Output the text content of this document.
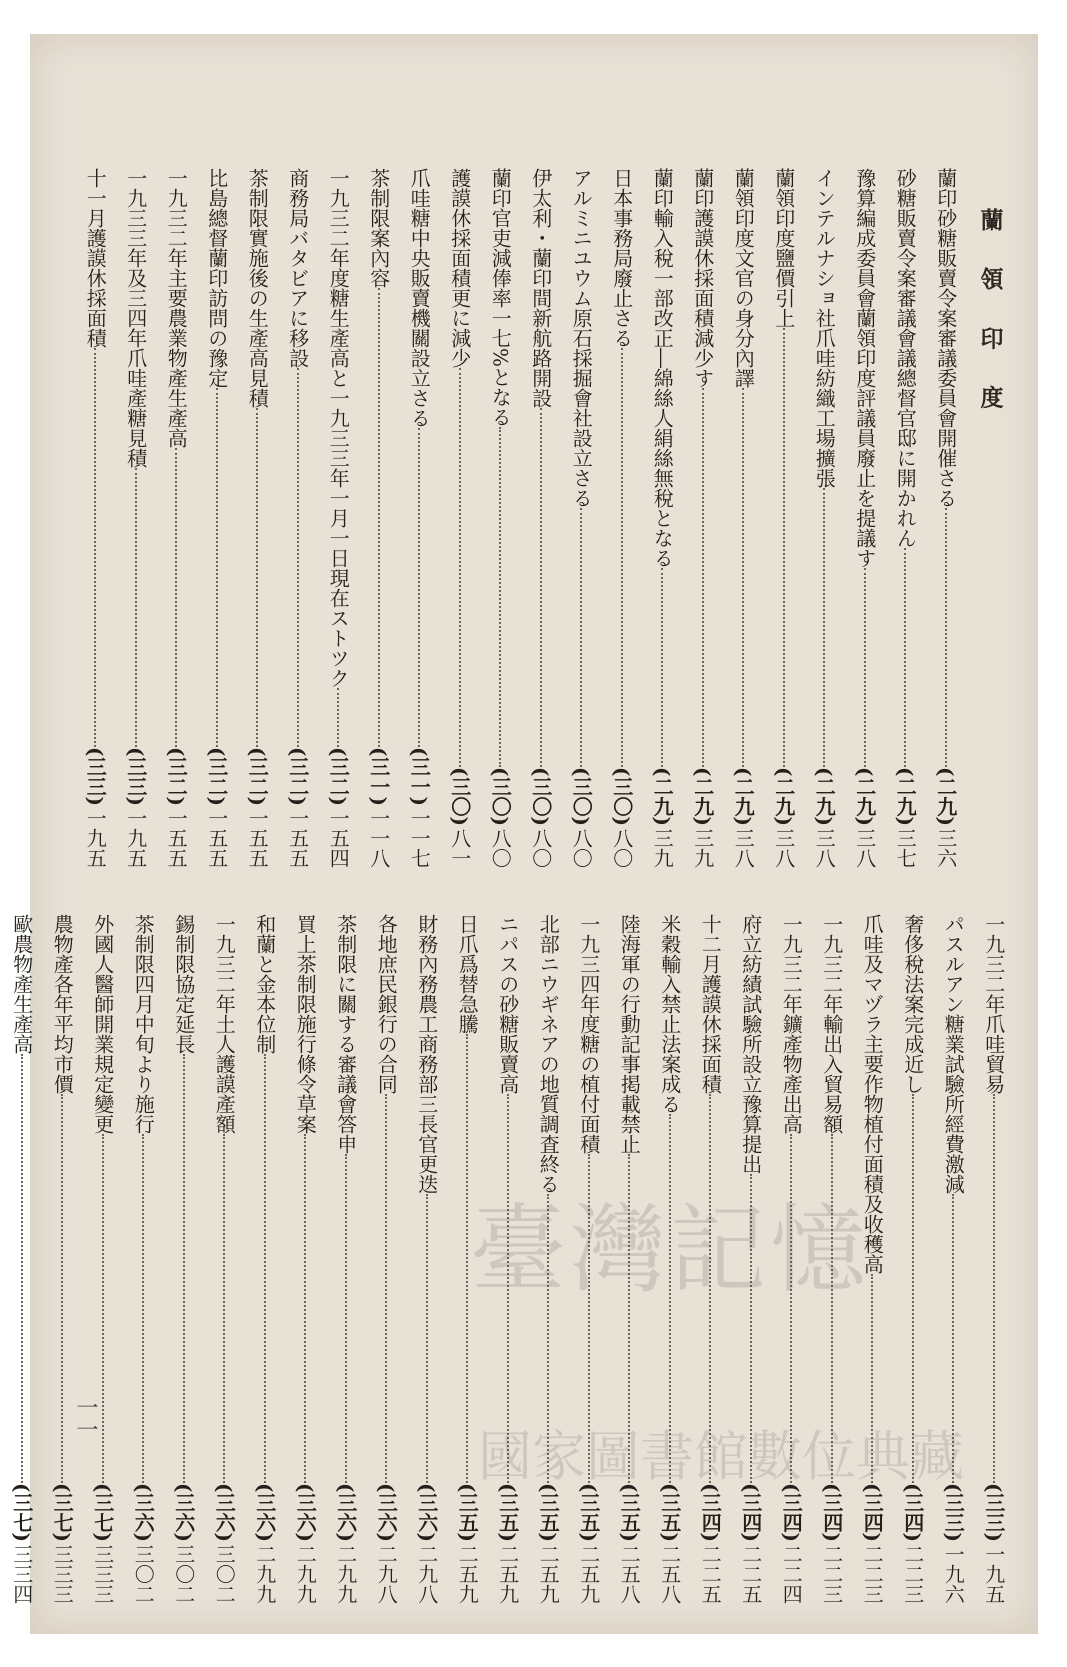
蘭 領 印 度
蘭印砂糖販賣令案審議委員會開催さる
(二九)
三六
砂糖販賣令案審議會議總督官邸に開かれん
(二九)
三七
豫算編成委員會蘭領印度評議員廢止を提議す
(二九)
三八
インテルナショ社爪哇紡織工場擴張
(二九)
三八
蘭領印度鹽價引上
(二九)
三八
蘭領印度文官の身分內譯
(二九)
三八
蘭印護謨休採面積減少す
(二九)
三九
蘭印輸入稅一部改正―綿絲人絹絲無稅となる
(二九)
三九
日本事務局廢止さる
(三〇)
八〇
アルミニユウム原石採掘會社設立さる
(三〇)
八〇
伊太利・蘭印間新航路開設
(三〇)
八〇
蘭印官吏減俸率一七%となる
(三〇)
八〇
護謨休採面積更に減少
(三〇)
八一
爪哇糖中央販賣機關設立さる
(三一)
一一七
茶制限案內容
(三一)
一一八
一九三二年度糖生產高と一九三三年一月一日現在ストツク
(三二)
一五四
商務局バタビアに移設
(三二)
一五五
茶制限實施後の生產高見積
(三二)
一五五
比島總督蘭印訪問の豫定
(三二)
一五五
一九三二年主要農業物產生產高
(三二)
一五五
一九三三年及三四年爪哇產糖見積
(三三)
一九五
十一月護謨休採面積
(三三)
一九五
一九三二年爪哇貿易
(三三)
一九五
パスルアン糖業試驗所經費激減
(三三)
一九六
奢侈稅法案完成近し
(三四)
二二三
爪哇及マヅラ主要作物植付面積及收穫高
(三四)
二二三
一九三二年輸出入貿易額
(三四)
二二三
一九三二年鑛產物產出高
(三四)
二二四
府立紡績試驗所設立豫算提出
(三四)
二二五
十二月護謨休採面積
(三四)
二二五
米穀輸入禁止法案成る
(三五)
二五八
陸海軍の行動記事掲載禁止
(三五)
二五八
一九三四年度糖の植付面積
(三五)
二五九
北部ニウギネアの地質調査終る
(三五)
二五九
ニパスの砂糖販賣高
(三五)
二五九
日爪爲替急騰
(三五)
二五九
財務內務農工商務部三長官更迭
(三六)
二九八
各地庶民銀行の合同
(三六)
二九八
茶制限に關する審議會答申
(三六)
二九九
買上茶制限施行條令草案
(三六)
二九九
和蘭と金本位制
(三六)
二九九
一九三二年土人護謨產額
(三六)
三〇二
錫制限協定延長
(三六)
三〇二
茶制限四月中旬より施行
(三六)
三〇二
外國人醫師開業規定變更
(三七)
三三三
農物產各年平均市價
(三七)
三三三
歐農物產生產高
(三七)
三三四
一一
臺灣記憶
國家圖書館數位典藏
